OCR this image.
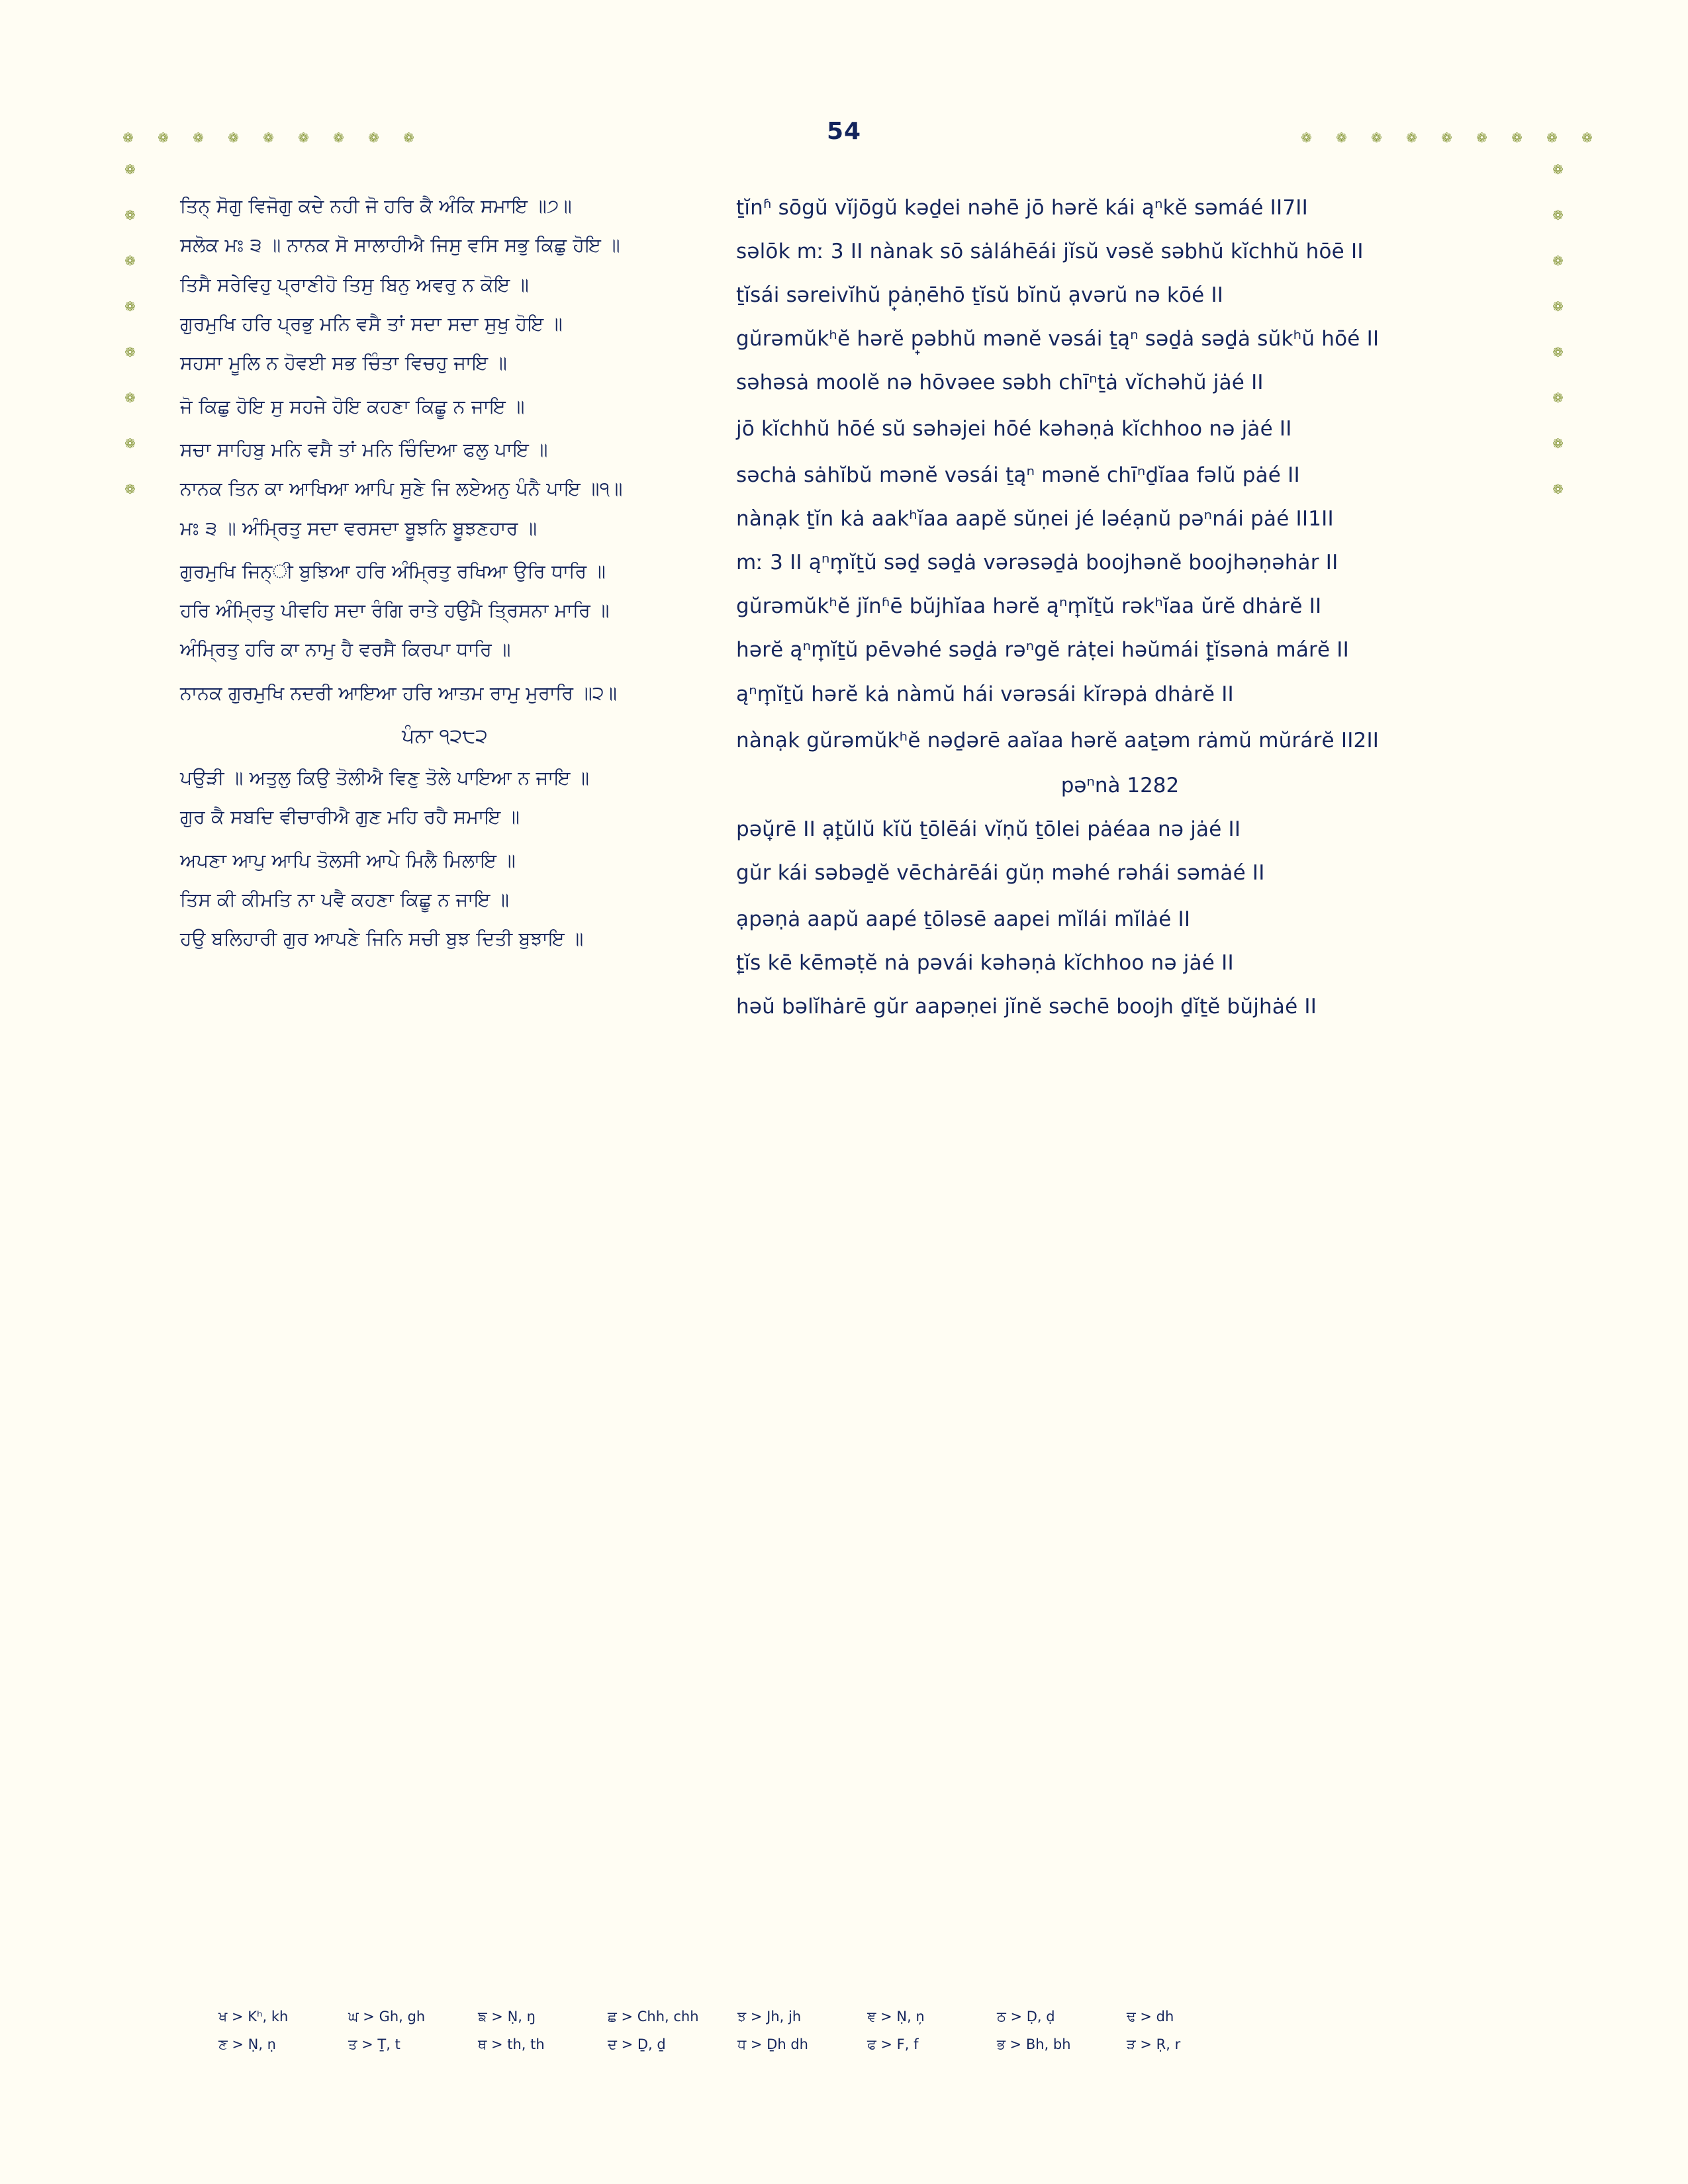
54
❁ ❁ ❁ ❁ ❁ ❁ ❁ ❁ ❁	❁ ❁ ❁ ❁ ❁ ❁ ❁ ❁ ❁
❁
❁
❁
❁
❁
❁
❁
❁
❁
❁
❁
❁
❁
❁
❁
❁
ਤਿਨ੍ ਸੋਗੁ ਵਿਜੋਗੁ ਕਦੇ ਨਹੀ ਜੋ ਹਰਿ ਕੈ ਅੰਕਿ ਸਮਾਇ ॥੭॥
ਸਲੋਕ ਮਃ ੩ ॥ ਨਾਨਕ ਸੋ ਸਾਲਾਹੀਐ ਜਿਸੁ ਵਸਿ ਸਭੁ ਕਿਛੁ ਹੋਇ ॥
ਤਿਸੈ ਸਰੇਵਿਹੁ ਪ੍ਰਾਣੀਹੋ ਤਿਸੁ ਬਿਨੁ ਅਵਰੁ ਨ ਕੋਇ ॥
ਗੁਰਮੁਖਿ ਹਰਿ ਪ੍ਰਭੁ ਮਨਿ ਵਸੈ ਤਾਂ ਸਦਾ ਸਦਾ ਸੁਖੁ ਹੋਇ ॥
ਸਹਸਾ ਮੂਲਿ ਨ ਹੋਵਈ ਸਭ ਚਿੰਤਾ ਵਿਚਹੁ ਜਾਇ ॥
ਜੋ ਕਿਛੁ ਹੋਇ ਸੁ ਸਹਜੇ ਹੋਇ ਕਹਣਾ ਕਿਛੂ ਨ ਜਾਇ ॥
ਸਚਾ ਸਾਹਿਬੁ ਮਨਿ ਵਸੈ ਤਾਂ ਮਨਿ ਚਿੰਦਿਆ ਫਲੁ ਪਾਇ ॥
ਨਾਨਕ ਤਿਨ ਕਾ ਆਖਿਆ ਆਪਿ ਸੁਣੇ ਜਿ ਲਏਅਨੁ ਪੰਨੈ ਪਾਇ ॥੧॥
ਮਃ ੩ ॥ ਅੰਮ੍ਰਿਤੁ ਸਦਾ ਵਰਸਦਾ ਬੂਝਨਿ ਬੂਝਣਹਾਰ ॥
ਗੁਰਮੁਖਿ ਜਿਨ੍ੀ ਬੁਝਿਆ ਹਰਿ ਅੰਮ੍ਰਿਤੁ ਰਖਿਆ ਉਰਿ ਧਾਰਿ ॥
ਹਰਿ ਅੰਮ੍ਰਿਤੁ ਪੀਵਹਿ ਸਦਾ ਰੰਗਿ ਰਾਤੇ ਹਉਮੈ ਤ੍ਰਿਸਨਾ ਮਾਰਿ ॥
ਅੰਮ੍ਰਿਤੁ ਹਰਿ ਕਾ ਨਾਮੁ ਹੈ ਵਰਸੈ ਕਿਰਪਾ ਧਾਰਿ ॥
ਨਾਨਕ ਗੁਰਮੁਖਿ ਨਦਰੀ ਆਇਆ ਹਰਿ ਆਤਮ ਰਾਮੁ ਮੁਰਾਰਿ ॥੨॥
ਪੰਨਾ ੧੨੮੨
ਪਉੜੀ ॥ ਅਤੁਲੁ ਕਿਉ ਤੋਲੀਐ ਵਿਣੁ ਤੋਲੇ ਪਾਇਆ ਨ ਜਾਇ ॥
ਗੁਰ ਕੈ ਸਬਦਿ ਵੀਚਾਰੀਐ ਗੁਣ ਮਹਿ ਰਹੈ ਸਮਾਇ ॥
ਅਪਣਾ ਆਪੁ ਆਪਿ ਤੋਲਸੀ ਆਪੇ ਮਿਲੈ ਮਿਲਾਇ ॥
ਤਿਸ ਕੀ ਕੀਮਤਿ ਨਾ ਪਵੈ ਕਹਣਾ ਕਿਛੂ ਨ ਜਾਇ ॥
ਹਉ ਬਲਿਹਾਰੀ ਗੁਰ ਆਪਣੇ ਜਿਨਿ ਸਚੀ ਬੁਝ ਦਿਤੀ ਬੁਝਾਇ ॥
ṯĭnʱ sōgŭ vĭjōgŭ kəḏei nəhē jō hərĕ kái ąⁿkĕ səmáé II7II
səlōk mː 3 II nànak sō sȧláhēái jĭsŭ vəsĕ səbhŭ kĭchhŭ hōē II
ṯĭsái səreivĭhŭ p̟ȧṇēhō ṯĭsŭ bĭnŭ ạvərŭ nə kōé II
gŭrəmŭkʰĕ hərĕ p̟əbhŭ mənĕ vəsái ṯąⁿ səḏȧ səḏȧ sŭkʰŭ hōé II
sǝhəsȧ moolĕ nə hōvəee səbh chīⁿṯȧ vĭchəhŭ jȧé II
jō kĭchhŭ hōé sŭ səhəjei hōé kəhəṇȧ kĭchhoo nə jȧé II
səchȧ sȧhĭbŭ mənĕ vəsái ṯąⁿ mənĕ chīⁿḏĭaa fəlŭ pȧé II
nànạk ṯĭn kȧ aakʰĭaa aapĕ sŭṇei jé ləéạnŭ pəⁿnái pȧé II1II
mː 3 II ąⁿm̟ĭṯŭ səḏ səḏȧ vərəsəḏȧ boojhənĕ boojhəṇəhȧr II
gŭrəmŭkʰĕ jĭnʱē bŭjhĭaa hərĕ ąⁿm̟ĭṯŭ rəkʰĭaa ŭrĕ dhȧrĕ II
hərĕ ąⁿm̟ĭṯŭ pēvəhé səḏȧ rəⁿgĕ rȧṭei həŭmái ṯ̟ĭsənȧ márĕ II
ąⁿm̟ĭṯŭ hərĕ kȧ nàmŭ hái vərəsái kĭrəpȧ dhȧrĕ II
nànạk gŭrəmŭkʰĕ nəḏərē aaĭaa hərĕ aaṯəm rȧmŭ mŭrárĕ II2II
pəⁿnà 1282
pəŭ̟rē II ạṯ̟ŭlŭ kĭŭ ṯōlēái vĭṇŭ ṯōlei pȧéaa nə jȧé II
gŭr kái səbəḏĕ vēchȧrēái gŭṇ məhé rəhái səmȧé II
ạpəṇȧ aapŭ aapé ṯōləsē aapei mĭlái mĭlȧé II
ṯ̟ĭs kē kēməṭĕ nȧ pəvái kəhəṇȧ kĭchhoo nə jȧé II
həŭ bəlĭhȧrē gŭr aapəṇei jĭnĕ səchē boojh ḏĭṯĕ bŭjhȧé II
ਖ > Kʰ, kh	ਘ > Gh, gh	ਙ > Ṇ, ŋ	ਛ > Chh, chh	ਝ > Jh, jh	ਞ > Ṇ, ņ	ਠ > Ḍ, ḍ	ਢ > dh
ਣ > Ṇ, ṇ	ਤ > Ṯ, t	ਥ > th, th	ਦ > Ḏ, ḏ	ਧ > Ḏh dh	ਫ > F, f	ਭ > Bh, bh	ੜ > Ṛ, r
